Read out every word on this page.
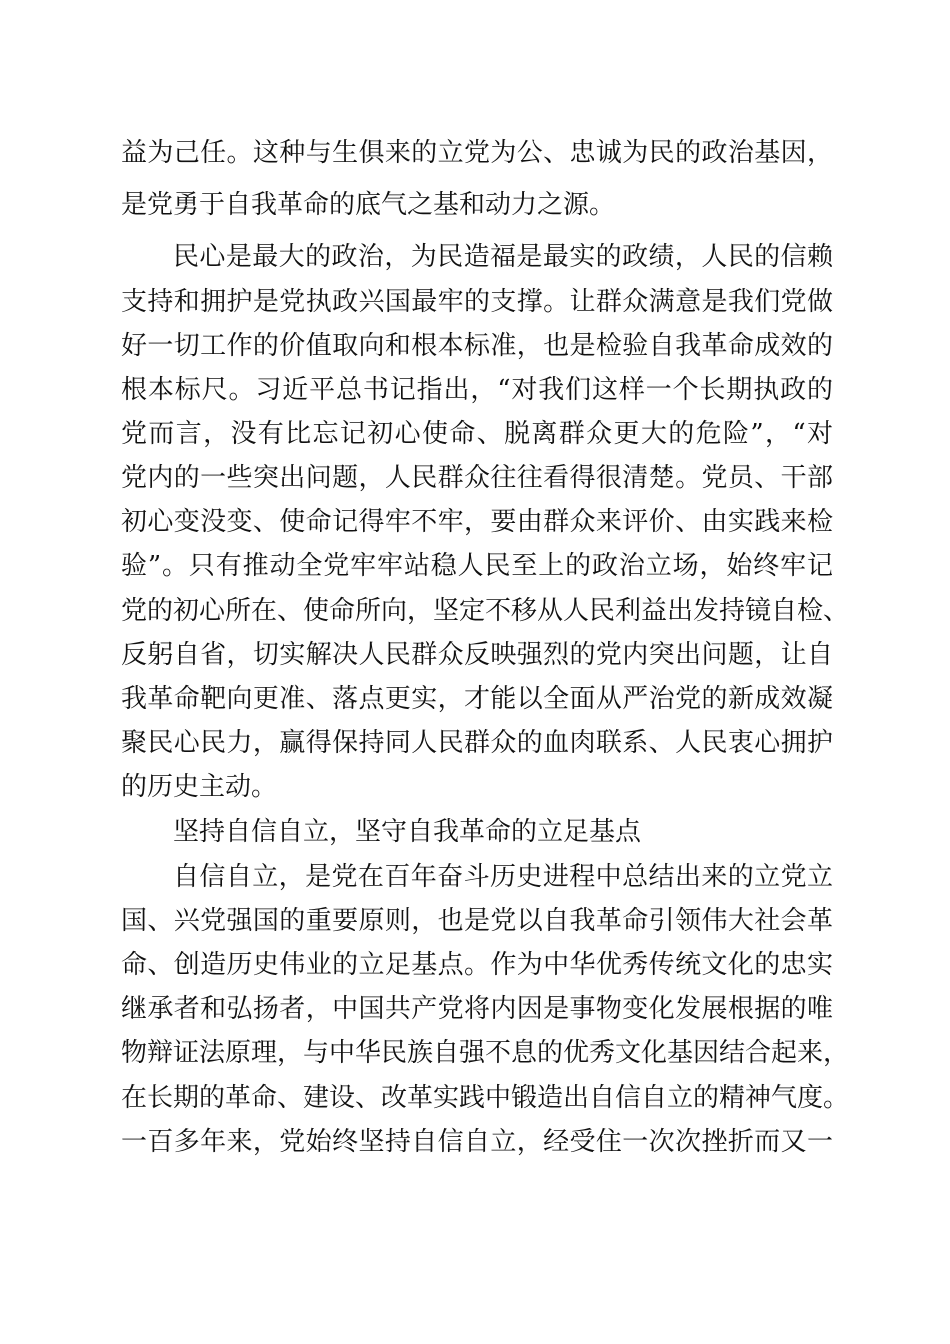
益为己任。这种与生俱来的立党为公、忠诚为民的政治基因，
是党勇于自我革命的底气之基和动力之源。
民心是最大的政治，为民造福是最实的政绩，人民的信赖
支持和拥护是党执政兴国最牢的支撑。让群众满意是我们党做
好一切工作的价值取向和根本标准，也是检验自我革命成效的
根本标尺。习近平总书记指出，“对我们这样一个长期执政的
党而言，没有比忘记初心使命、脱离群众更大的危险”，“对
党内的一些突出问题，人民群众往往看得很清楚。党员、干部
初心变没变、使命记得牢不牢，要由群众来评价、由实践来检
验”。只有推动全党牢牢站稳人民至上的政治立场，始终牢记
党的初心所在、使命所向，坚定不移从人民利益出发持镜自检、
反躬自省，切实解决人民群众反映强烈的党内突出问题，让自
我革命靶向更准、落点更实，才能以全面从严治党的新成效凝
聚民心民力，赢得保持同人民群众的血肉联系、人民衷心拥护
的历史主动。
坚持自信自立，坚守自我革命的立足基点
自信自立，是党在百年奋斗历史进程中总结出来的立党立
国、兴党强国的重要原则，也是党以自我革命引领伟大社会革
命、创造历史伟业的立足基点。作为中华优秀传统文化的忠实
继承者和弘扬者，中国共产党将内因是事物变化发展根据的唯
物辩证法原理，与中华民族自强不息的优秀文化基因结合起来，
在长期的革命、建设、改革实践中锻造出自信自立的精神气度。
一百多年来，党始终坚持自信自立，经受住一次次挫折而又一
